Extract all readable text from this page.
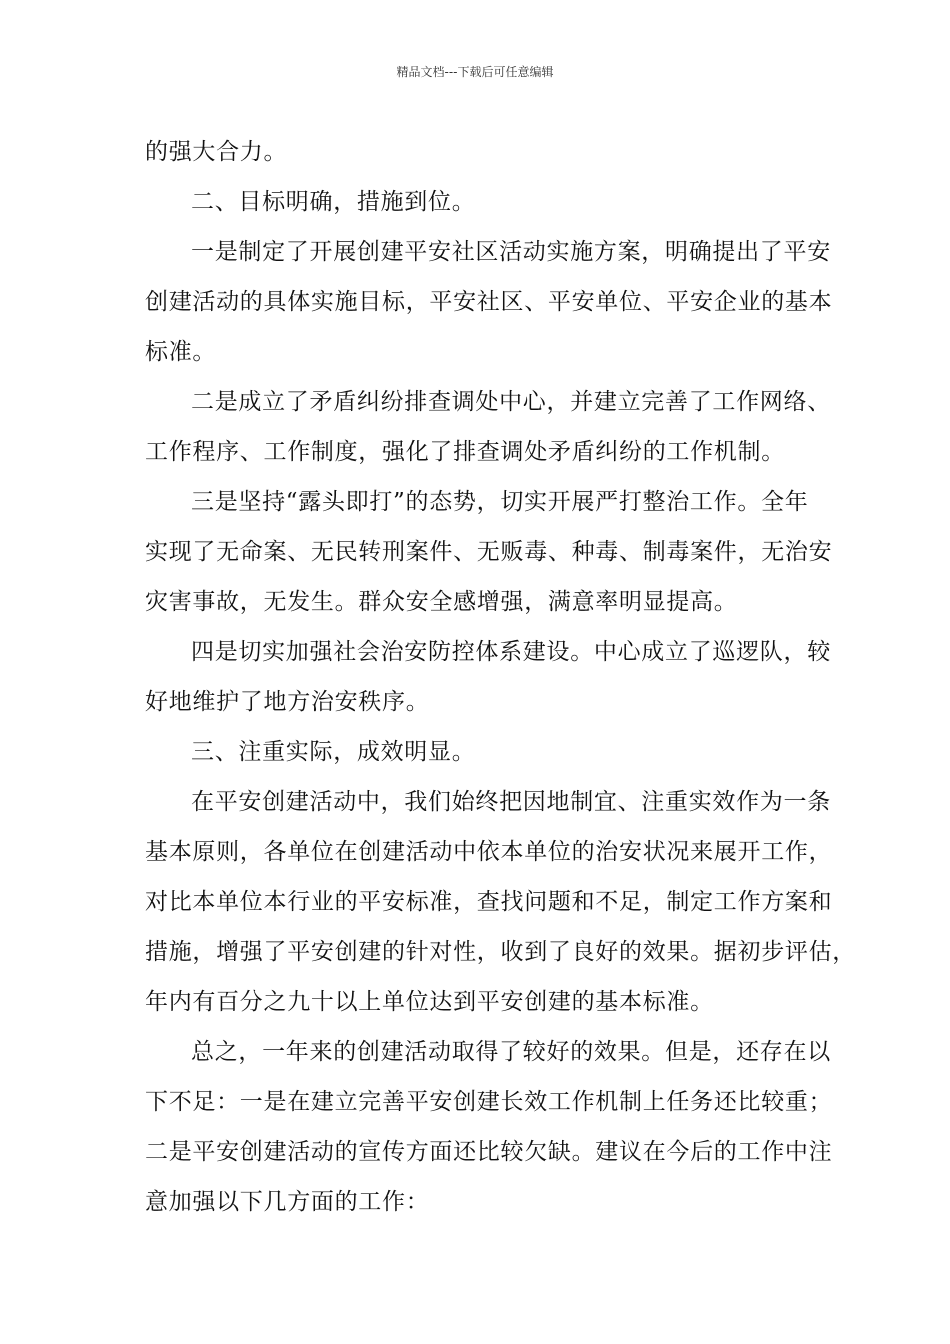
精品文档---下载后可任意编辑

的强大合力。

二、目标明确，措施到位。

一是制定了开展创建平安社区活动实施方案，明确提出了平安

创建活动的具体实施目标，平安社区、平安单位、平安企业的基本

标准。

二是成立了矛盾纠纷排查调处中心，并建立完善了工作网络、

工作程序、工作制度，强化了排查调处矛盾纠纷的工作机制。

三是坚持“露头即打”的态势，切实开展严打整治工作。全年

实现了无命案、无民转刑案件、无贩毒、种毒、制毒案件，无治安

灾害事故，无发生。群众安全感增强，满意率明显提高。

四是切实加强社会治安防控体系建设。中心成立了巡逻队，较

好地维护了地方治安秩序。

三、注重实际，成效明显。

在平安创建活动中，我们始终把因地制宜、注重实效作为一条

基本原则，各单位在创建活动中依本单位的治安状况来展开工作，

对比本单位本行业的平安标准，查找问题和不足，制定工作方案和

措施，增强了平安创建的针对性，收到了良好的效果。据初步评估，

年内有百分之九十以上单位达到平安创建的基本标准。

总之，一年来的创建活动取得了较好的效果。但是，还存在以

下不足：一是在建立完善平安创建长效工作机制上任务还比较重；

二是平安创建活动的宣传方面还比较欠缺。建议在今后的工作中注

意加强以下几方面的工作：
